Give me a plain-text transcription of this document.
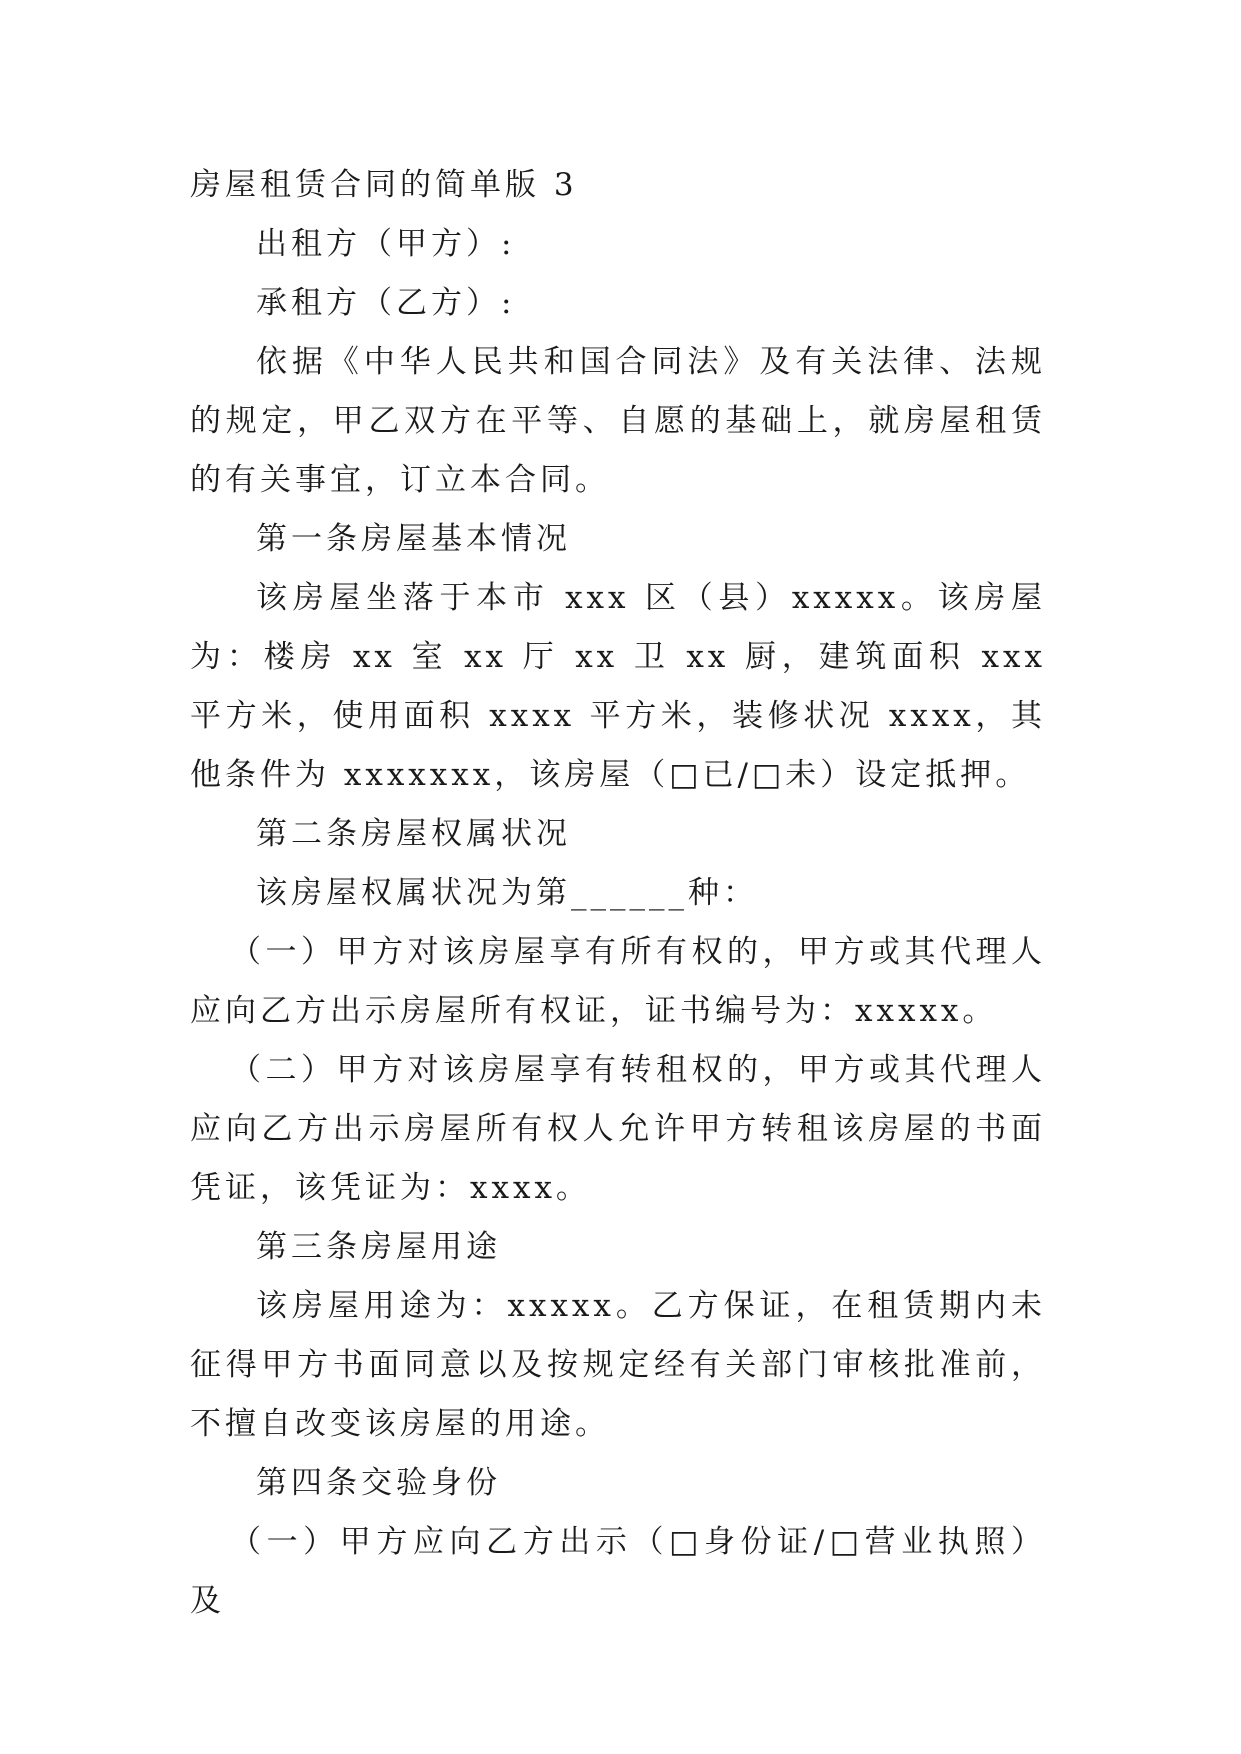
房屋租赁合同的简单版 3

出租方（甲方）:

承租方（乙方）:

依据《中华人民共和国合同法》及有关法律、法规的规定，甲乙双方在平等、自愿的基础上，就房屋租赁的有关事宜，订立本合同。

第一条房屋基本情况

该房屋坐落于本市 xxx 区（县）xxxxx。该房屋为：楼房 xx 室 xx 厅 xx 卫 xx 厨，建筑面积 xxx 平方米，使用面积 xxxx 平方米，装修状况 xxxx，其他条件为 xxxxxxx，该房屋（□已/□未）设定抵押。

第二条房屋权属状况

该房屋权属状况为第______种：

（一）甲方对该房屋享有所有权的，甲方或其代理人应向乙方出示房屋所有权证，证书编号为：xxxxx。

（二）甲方对该房屋享有转租权的，甲方或其代理人应向乙方出示房屋所有权人允许甲方转租该房屋的书面凭证，该凭证为：xxxx。

第三条房屋用途

该房屋用途为：xxxxx。乙方保证，在租赁期内未征得甲方书面同意以及按规定经有关部门审核批准前，不擅自改变该房屋的用途。

第四条交验身份

（一）甲方应向乙方出示（□身份证/□营业执照）及
